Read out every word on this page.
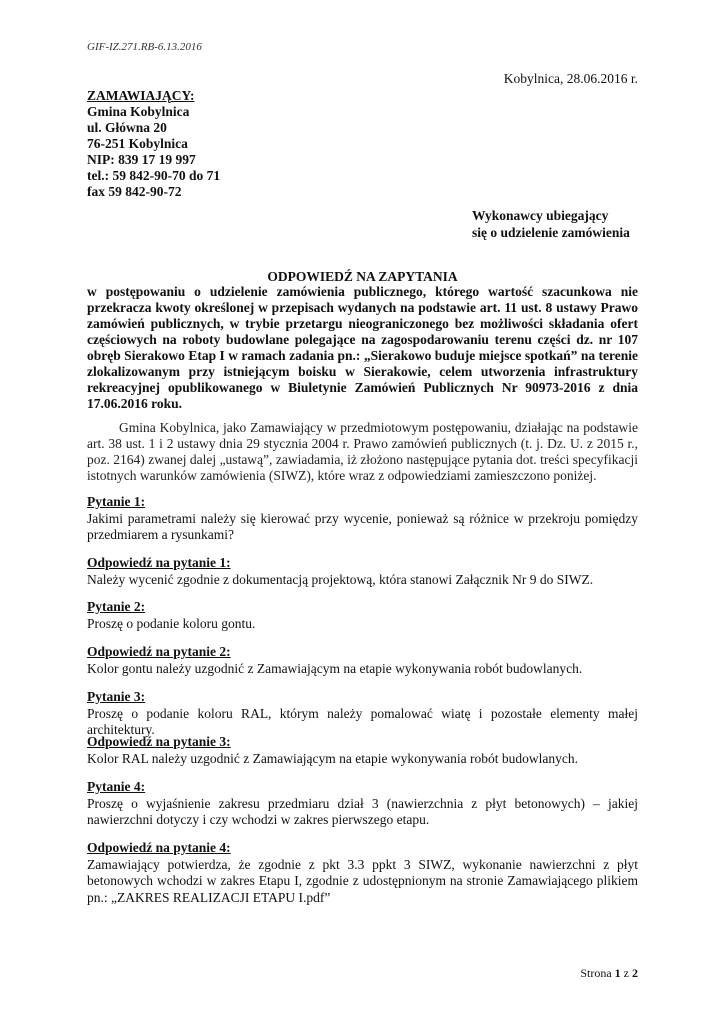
GIF-IZ.271.RB-6.13.2016
Kobylnica, 28.06.2016 r.
ZAMAWIAJĄCY:
Gmina Kobylnica
ul. Główna 20
76-251 Kobylnica
NIP: 839 17 19 997
tel.: 59 842-90-70 do 71
fax 59 842-90-72
Wykonawcy ubiegający
się o udzielenie zamówienia
ODPOWIEDŹ NA ZAPYTANIA
w postępowaniu o udzielenie zamówienia publicznego, którego wartość szacunkowa nie przekracza kwoty określonej w przepisach wydanych na podstawie art. 11 ust. 8 ustawy Prawo zamówień publicznych, w trybie przetargu nieograniczonego bez możliwości składania ofert częściowych na roboty budowlane polegające na zagospodarowaniu terenu części dz. nr 107 obręb Sierakowo Etap I w ramach zadania pn.: „Sierakowo buduje miejsce spotkań” na terenie zlokalizowanym przy istniejącym boisku w Sierakowie, celem utworzenia infrastruktury rekreacyjnej opublikowanego w Biuletynie Zamówień Publicznych Nr 90973-2016 z dnia 17.06.2016 roku.
Gmina Kobylnica, jako Zamawiający w przedmiotowym postępowaniu, działając na podstawie art. 38 ust. 1 i 2 ustawy dnia 29 stycznia 2004 r. Prawo zamówień publicznych (t. j. Dz. U. z 2015 r., poz. 2164) zwanej dalej „ustawą”, zawiadamia, iż złożono następujące pytania dot. treści specyfikacji istotnych warunków zamówienia (SIWZ), które wraz z odpowiedziami zamieszczono poniżej.
Pytanie 1:
Jakimi parametrami należy się kierować przy wycenie, ponieważ są różnice w przekroju pomiędzy przedmiarem a rysunkami?
Odpowiedź na pytanie 1:
Należy wycenić zgodnie z dokumentacją projektową, która stanowi Załącznik Nr 9 do SIWZ.
Pytanie 2:
Proszę o podanie koloru gontu.
Odpowiedź na pytanie 2:
Kolor gontu należy uzgodnić z Zamawiającym na etapie wykonywania robót budowlanych.
Pytanie 3:
Proszę o podanie koloru RAL, którym należy pomalować wiatę i pozostałe elementy małej architektury.
Odpowiedź na pytanie 3:
Kolor RAL należy uzgodnić z Zamawiającym na etapie wykonywania robót budowlanych.
Pytanie 4:
Proszę o wyjaśnienie zakresu przedmiaru dział 3 (nawierzchnia z płyt betonowych) – jakiej nawierzchni dotyczy i czy wchodzi w zakres pierwszego etapu.
Odpowiedź na pytanie 4:
Zamawiający potwierdza, że zgodnie z pkt 3.3 ppkt 3 SIWZ, wykonanie nawierzchni z płyt betonowych wchodzi w zakres Etapu I, zgodnie z udostępnionym na stronie Zamawiającego plikiem pn.: „ZAKRES REALIZACJI ETAPU I.pdf”
Strona 1 z 2
